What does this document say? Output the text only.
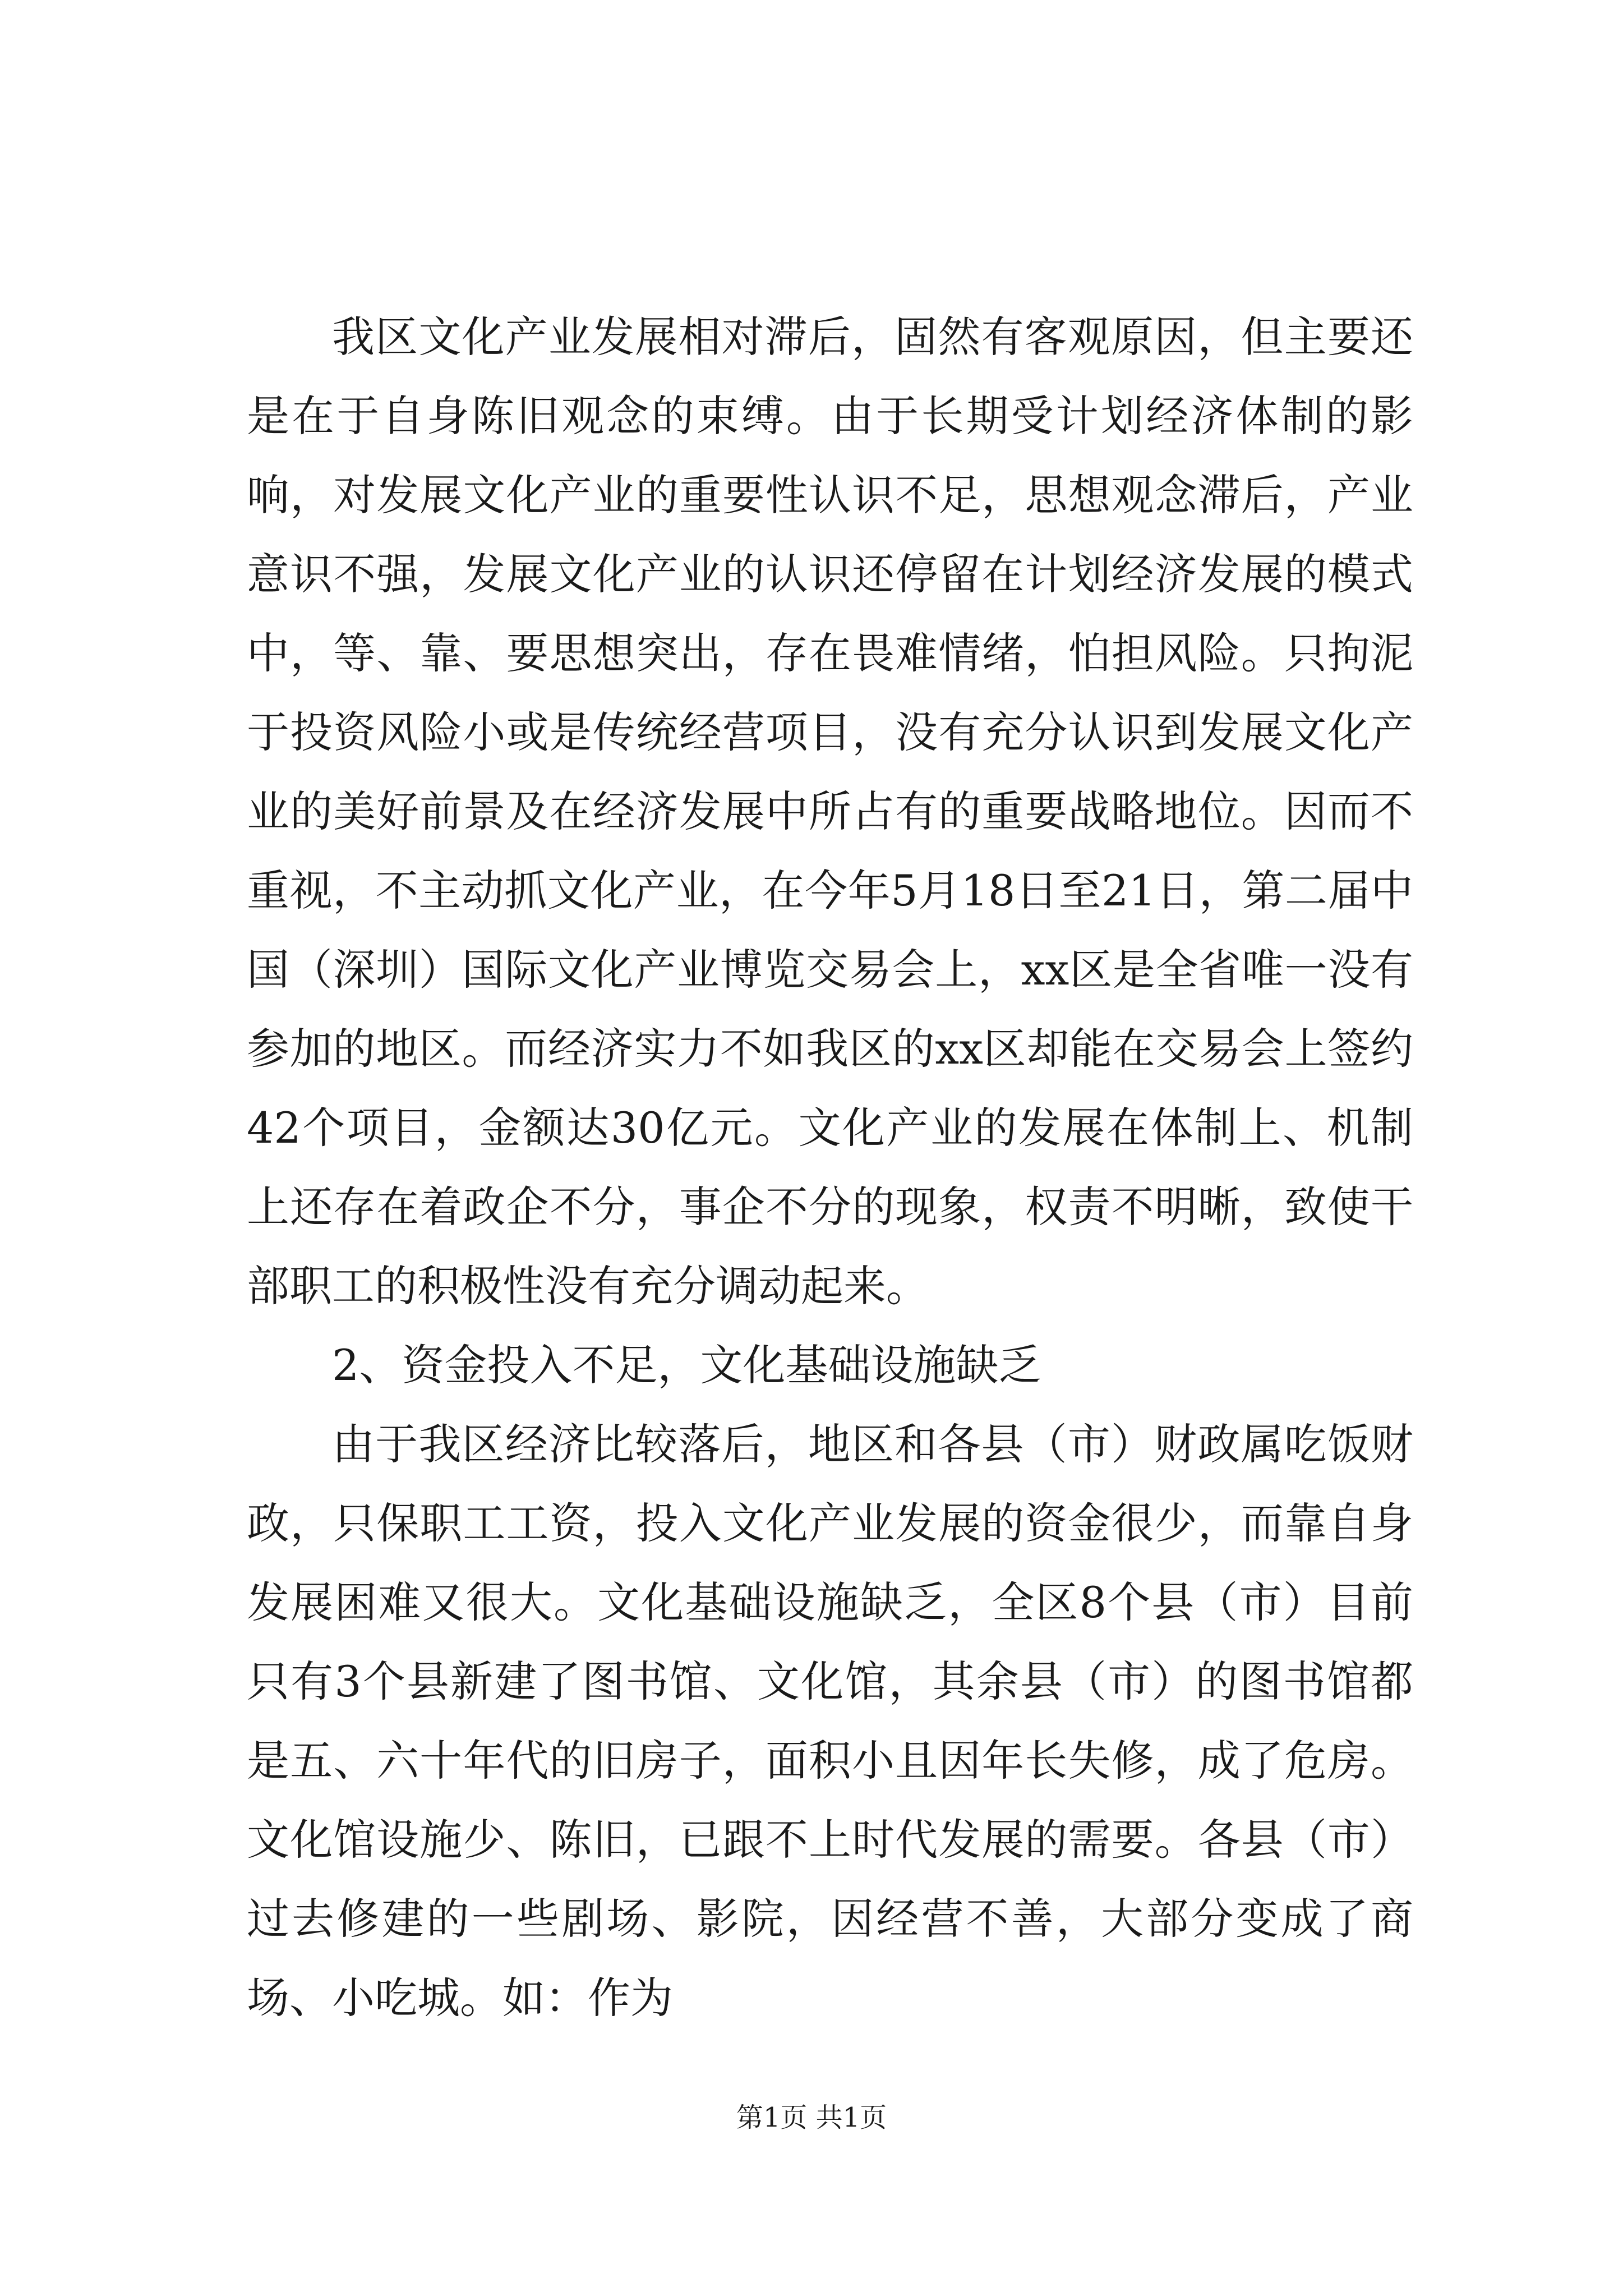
我区文化产业发展相对滞后，固然有客观原因，但主要还是在于自身陈旧观念的束缚。由于长期受计划经济体制的影响，对发展文化产业的重要性认识不足，思想观念滞后，产业意识不强，发展文化产业的认识还停留在计划经济发展的模式中，等、靠、要思想突出，存在畏难情绪，怕担风险。只拘泥于投资风险小或是传统经营项目，没有充分认识到发展文化产业的美好前景及在经济发展中所占有的重要战略地位。因而不重视，不主动抓文化产业，在今年5月18日至21日，第二届中国（深圳）国际文化产业博览交易会上，xx区是全省唯一没有参加的地区。而经济实力不如我区的xx区却能在交易会上签约42个项目，金额达30亿元。文化产业的发展在体制上、机制上还存在着政企不分，事企不分的现象，权责不明晰，致使干部职工的积极性没有充分调动起来。

2、资金投入不足，文化基础设施缺乏

由于我区经济比较落后，地区和各县（市）财政属吃饭财政，只保职工工资，投入文化产业发展的资金很少，而靠自身发展困难又很大。文化基础设施缺乏，全区8个县（市）目前只有3个县新建了图书馆、文化馆，其余县（市）的图书馆都是五、六十年代的旧房子，面积小且因年长失修，成了危房。文化馆设施少、陈旧，已跟不上时代发展的需要。各县（市）过去修建的一些剧场、影院，因经营不善，大部分变成了商场、小吃城。如：作为

第1页 共1页
